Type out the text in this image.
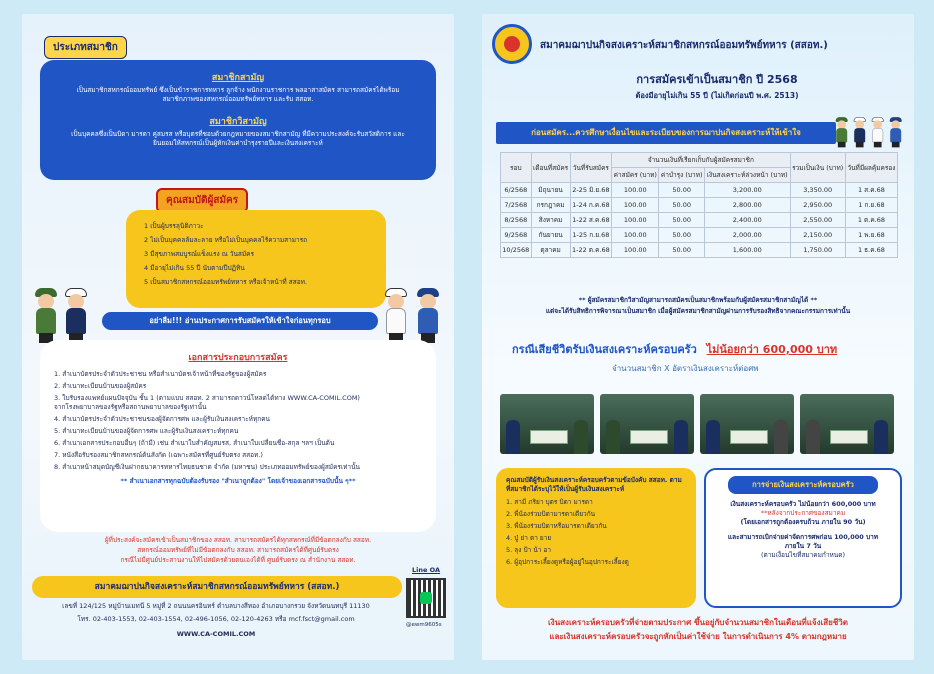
ประเภทสมาชิก
สมาชิกสามัญ
เป็นสมาชิกสหกรณ์ออมทรัพย์ ซึ่งเป็นข้าราชการทหาร ลูกจ้าง พนักงานราชการ พลอาสาสมัคร สามารถสมัครได้พร้อมสมาชิกภาพของสหกรณ์ออมทรัพย์ทหาร และรับ สสอท.
สมาชิกวิสามัญ
เป็นบุคคลซึ่งเป็นบิดา มารดา คู่สมรส หรือบุตรที่ชอบด้วยกฎหมายของสมาชิกสามัญ ที่มีความประสงค์จะรับสวัสดิการ และยินยอมให้สหกรณ์เป็นผู้หักเงินค่าบำรุงรายปีและเงินสงเคราะห์
คุณสมบัติผู้สมัคร
1 เป็นผู้บรรลุนิติภาวะ
2 ไม่เป็นบุคคลล้มละลาย หรือไม่เป็นบุคคลไร้ความสามารถ
3 มีสุขภาพสมบูรณ์แข็งแรง ณ วันสมัคร
4 มีอายุไม่เกิน 55 ปี นับตามปีปฏิทิน
5 เป็นสมาชิกสหกรณ์ออมทรัพย์ทหาร หรือเจ้าหน้าที่ สสอท.
อย่าลืม!!! อ่านประกาศการรับสมัครให้เข้าใจก่อนทุกรอบ
เอกสารประกอบการสมัคร
1. สำเนาบัตรประจำตัวประชาชน หรือสำเนาบัตรเจ้าหน้าที่ของรัฐของผู้สมัคร
2. สำเนาทะเบียนบ้านของผู้สมัคร
3. ใบรับรองแพทย์แผนปัจจุบัน ชั้น 1 (ตามแบบ สสอท. 2 สามารถดาวน์โหลดได้ทาง WWW.CA-COMIL.COM)
จากโรงพยาบาลของรัฐหรือสถานพยาบาลของรัฐเท่านั้น
4. สำเนาบัตรประจำตัวประชาชนของผู้จัดการศพ และผู้รับเงินสงเคราะห์ทุกคน
5. สำเนาทะเบียนบ้านของผู้จัดการศพ และผู้รับเงินสงเคราะห์ทุกคน
6. สำเนาเอกสารประกอบอื่นๆ (ถ้ามี) เช่น สำเนาใบสำคัญสมรส, สำเนาใบเปลี่ยนชื่อ-สกุล ฯลฯ เป็นต้น
7. หนังสือรับรองสมาชิกสหกรณ์ต้นสังกัด (เฉพาะสมัครที่ศูนย์รับตรง สสอท.)
8. สำเนาหน้าสมุดบัญชีเงินฝากธนาคารทหารไทยธนชาต จำกัด (มหาชน) ประเภทออมทรัพย์ของผู้สมัครเท่านั้น
** สำเนาเอกสารทุกฉบับต้องรับรอง "สำเนาถูกต้อง" โดยเจ้าของเอกสารฉบับนั้น ๆ**
ผู้ที่ประสงค์จะสมัครเข้าเป็นสมาชิกของ สสอท. สามารถสมัครได้ทุกสหกรณ์ที่มีข้อตกลงกับ สสอท.
สหกรณ์ออมทรัพย์ที่ไม่มีข้อตกลงกับ สสอท. สามารถสมัครได้ที่ศูนย์รับตรง
กรณีไม่มีศูนย์ประสานงานให้ไปสมัครด้วยตนเองได้ที่ ศูนย์รับตรง ณ สำนักงาน สสอท.
สมาคมฌาปนกิจสงเคราะห์สมาชิกสหกรณ์ออมทรัพย์ทหาร (สสอท.)
เลขที่ 124/125 หมู่บ้านเมทนี 5 หมู่ที่ 2 ถนนนครอินทร์ ตำบลบางสีทอง อำเภอบางกรวย จังหวัดนนทบุรี 11130
โทร. 02-403-1553, 02-403-1554, 02-496-1056, 02-120-4263 หรือ mcf.fsct@gmail.com
WWW.CA-COMIL.COM
Line OA
@ewm9605s
สมาคมฌาปนกิจสงเคราะห์สมาชิกสหกรณ์ออมทรัพย์ทหาร (สสอท.)
การสมัครเข้าเป็นสมาชิก ปี 2568
ต้องมีอายุไม่เกิน 55 ปี (ไม่เกิดก่อนปี พ.ศ. 2513)
ก่อนสมัคร...ควรศึกษาเงื่อนไขและระเบียบของการฌาปนกิจสงเคราะห์ให้เข้าใจ
รอบ	เดือนที่สมัคร	วันที่รับสมัคร	จำนวนเงินที่เรียกเก็บกับผู้สมัครสมาชิก			รวมเป็นเงิน (บาท)	วันที่มีผลคุ้มครอง
			ค่าสมัคร (บาท)	ค่าบำรุง (บาท)	เงินสงเคราะห์ล่วงหน้า (บาท)		
6/2568	มิถุนายน	2-25 มิ.ย.68	100.00	50.00	3,200.00	3,350.00	1 ส.ค.68
7/2568	กรกฎาคม	1-24 ก.ค.68	100.00	50.00	2,800.00	2,950.00	1 ก.ย.68
8/2568	สิงหาคม	1-22 ส.ค.68	100.00	50.00	2,400.00	2,550.00	1 ต.ค.68
9/2568	กันยายน	1-25 ก.ย.68	100.00	50.00	2,000.00	2,150.00	1 พ.ย.68
10/2568	ตุลาคม	1-22 ต.ค.68	100.00	50.00	1,600.00	1,750.00	1 ธ.ค.68
** ผู้สมัครสมาชิกวิสามัญสามารถสมัครเป็นสมาชิกพร้อมกับผู้สมัครสมาชิกสามัญได้ **
แต่จะได้รับสิทธิการพิจารณาเป็นสมาชิก เมื่อผู้สมัครสมาชิกสามัญผ่านการรับรองสิทธิจากคณะกรรมการเท่านั้น
กรณีเสียชีวิตรับเงินสงเคราะห์ครอบครัว ไม่น้อยกว่า 600,000 บาท
จำนวนสมาชิก X อัตราเงินสงเคราะห์ต่อศพ
คุณสมบัติผู้รับเงินสงเคราะห์ครอบครัวตามข้อบังคับ สสอท. ตามที่สมาชิกได้ระบุไว้ให้เป็นผู้รับเงินสงเคราะห์
1. สามี ภริยา บุตร บิดา มารดา
2. พี่น้องร่วมบิดามารดาเดียวกัน
3. พี่น้องร่วมบิดาหรือมารดาเดียวกัน
4. ปู่ ย่า ตา ยาย
5. ลุง ป้า น้า อา
6. ผู้อุปการะเลี้ยงดูหรือผู้อยู่ในอุปการะเลี้ยงดู
การจ่ายเงินสงเคราะห์ครอบครัว
เงินสงเคราะห์ครอบครัว ไม่น้อยกว่า 600,000 บาท
**หลังจากประกาศของสมาคม
(โดยเอกสารถูกต้องครบถ้วน ภายใน 90 วัน)
และสามารถเบิกจ่ายค่าจัดการศพก่อน 100,000 บาท
ภายใน 7 วัน
(ตามเงื่อนไขที่สมาคมกำหนด)
เงินสงเคราะห์ครอบครัวที่จ่ายตามประกาศ ขึ้นอยู่กับจำนวนสมาชิกในเดือนที่แจ้งเสียชีวิต
และเงินสงเคราะห์ครอบครัวจะถูกหักเป็นค่าใช้จ่าย ในการดำเนินการ 4% ตามกฎหมาย
